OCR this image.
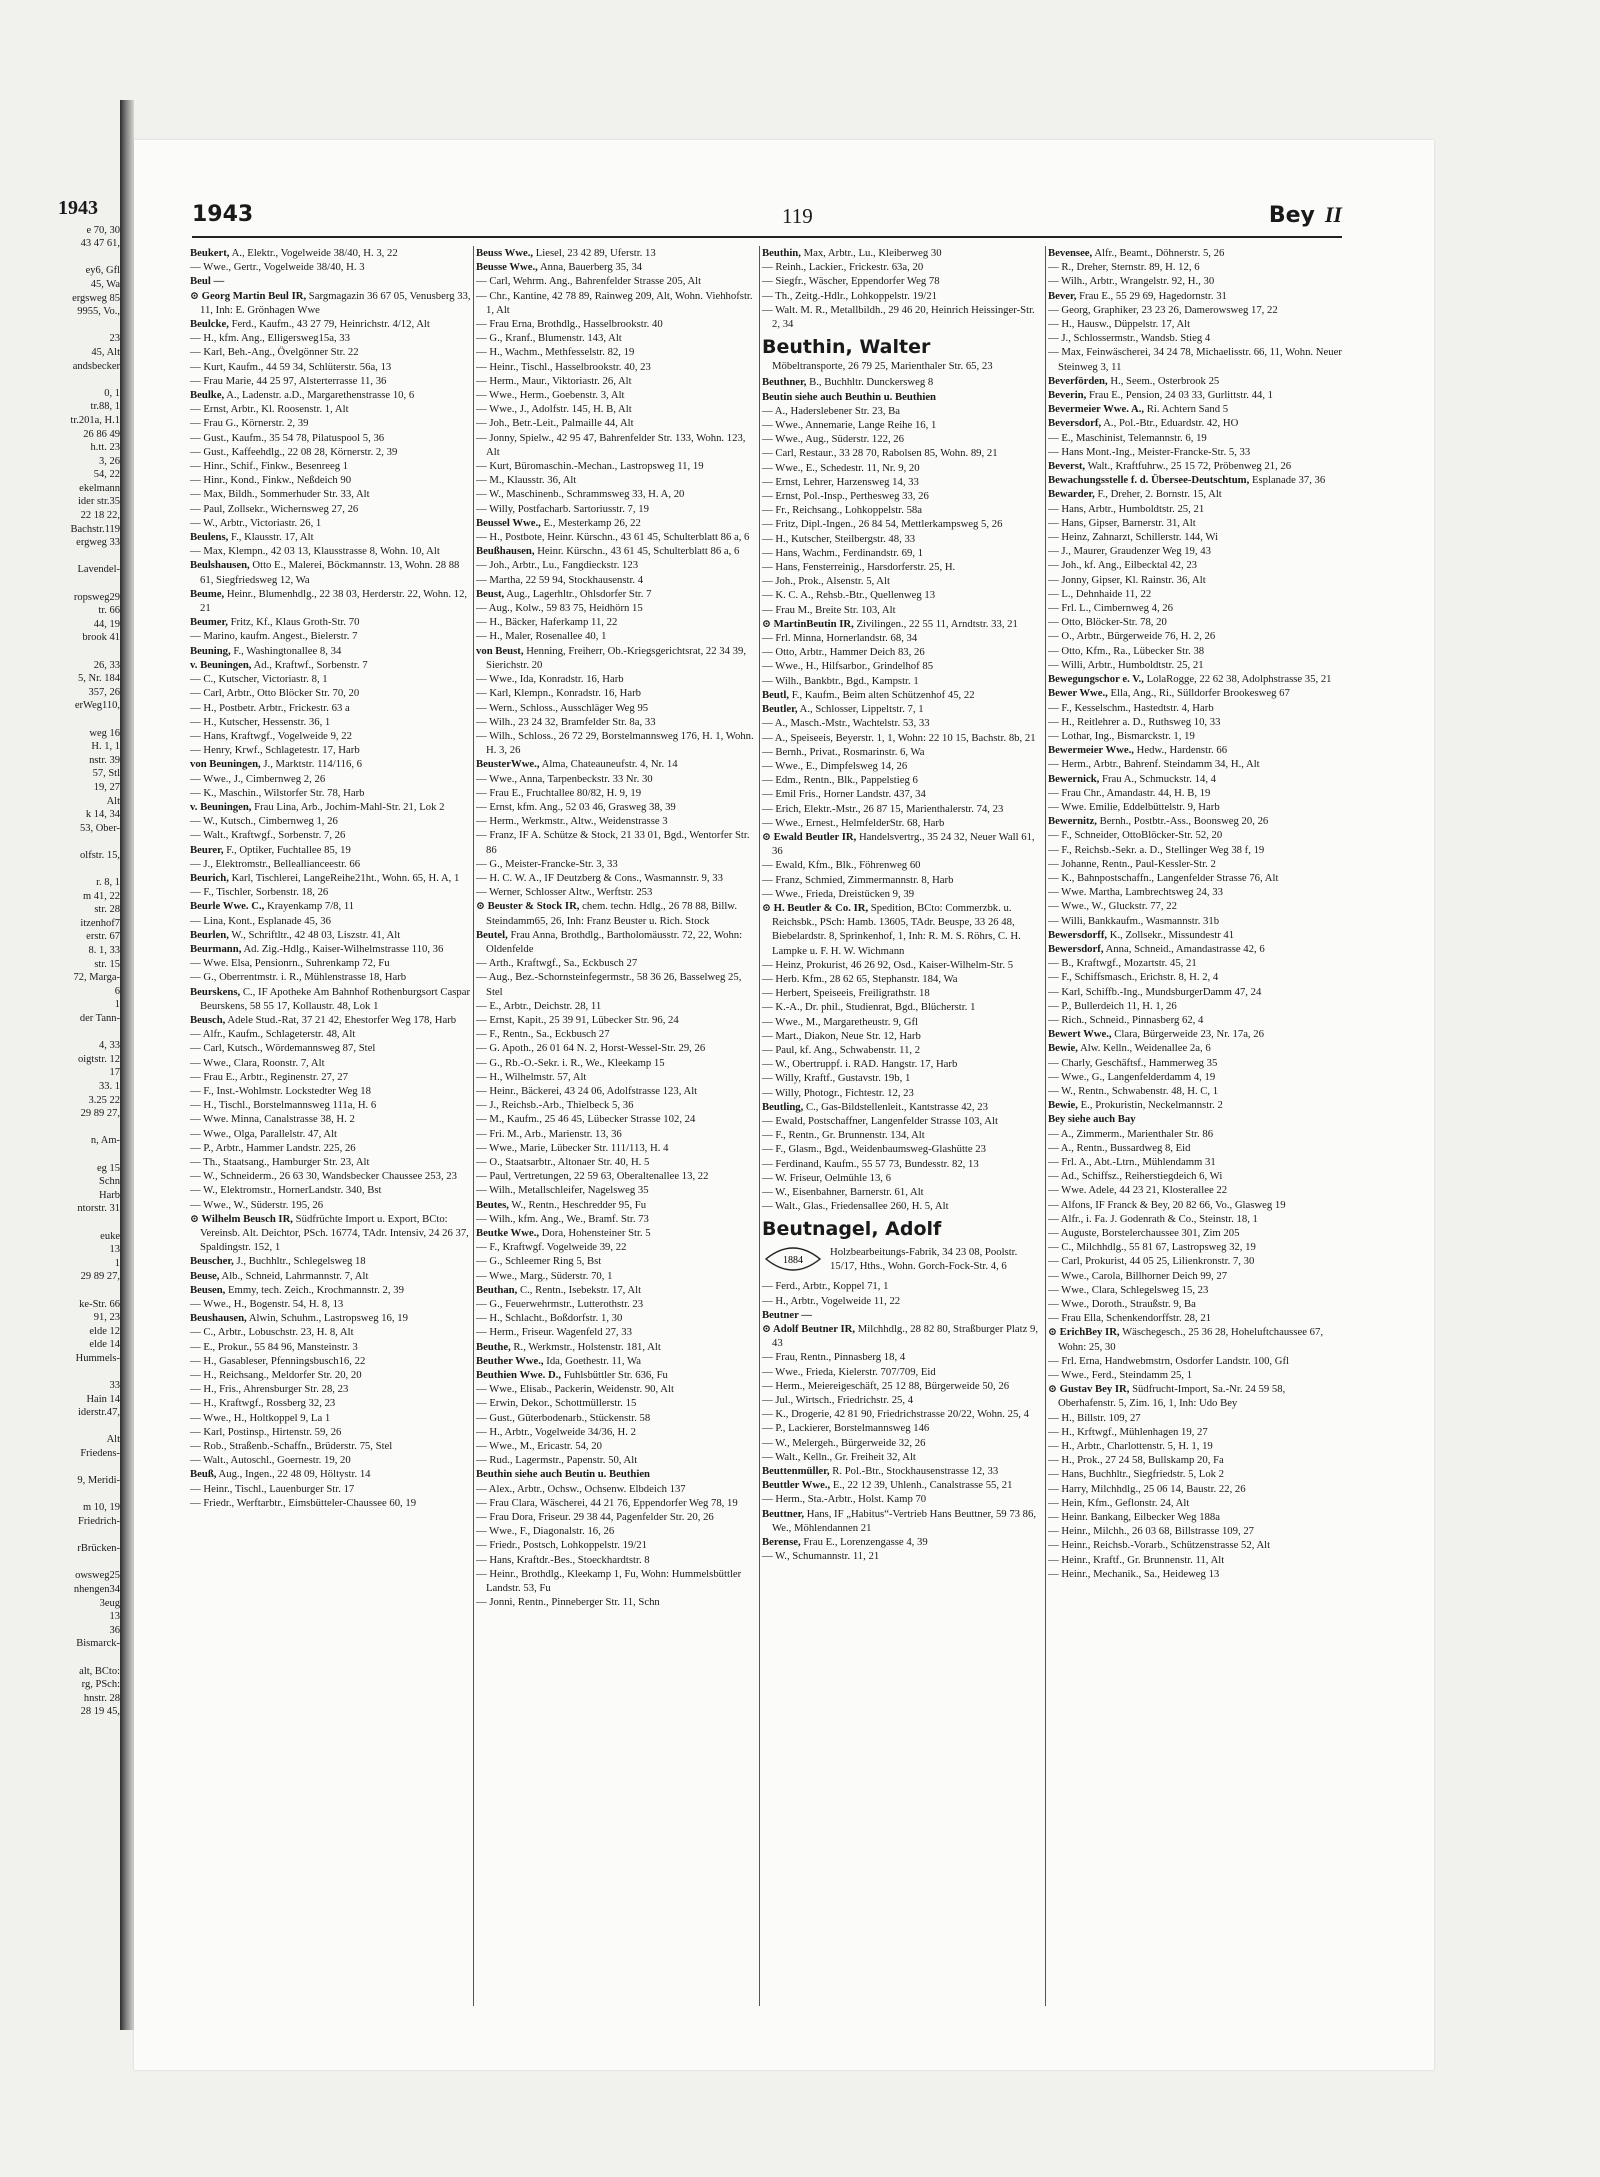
1943
e 70, 30
43 47 61,

ey6, Gfl
45, Wa
ergsweg 85
9955, Vo.,

23
45, Alt
andsbecker

0, 1
tr.88, 1
tr.201a, H.1
26 86 49
h.tt. 23
3, 26
54, 22
ekelmann
ider str.35
22 18 22,
Bachstr.119
ergweg 33

Lavendel-

ropsweg29
tr. 66
44, 19
brook 41

26, 33
5, Nr. 184
357, 26
erWeg110,

weg 16
H. 1, 1
nstr. 39
57, Stl
19, 27
Alt
k 14, 34
53, Ober-

olfstr. 15,

r. 8, 1
m 41, 22
str. 28
itzenhof7
erstr. 67
8. 1, 33
str. 15
72, Marga-
6
1
der Tann-

4, 33
oigtstr. 12
17
33. 1
3.25 22
29 89 27,

n, Am-

eg 15
Schn
Harb
ntorstr. 31

euke
13
1
29 89 27,

ke-Str. 66
91, 23
elde 12
elde 14
Hummels-

33
Hain 14
iderstr.47,

Alt
Friedens-

9, Meridi-

m 10, 19
Friedrich-

rBrücken-

owsweg25
nhengen34
3eug
13
36
Bismarck-

alt, BCto:
rg, PSch:
hnstr. 28
28 19 45,
1943	119	Bey II

Beukert, A., Elektr., Vogelweide 38/40, H. 3, 22

— Wwe., Gertr., Vogelweide 38/40, H. 3

Beul —

⊙ Georg Martin Beul IR, Sargmagazin 36 67 05, Venusberg 33, 11, Inh: E. Grönhagen Wwe

Beulcke, Ferd., Kaufm., 43 27 79, Heinrichstr. 4/12, Alt

— H., kfm. Ang., Elligersweg15a, 33

— Karl, Beh.-Ang., Övelgönner Str. 22

— Kurt, Kaufm., 44 59 34, Schlüterstr. 56a, 13

— Frau Marie, 44 25 97, Alsterterrasse 11, 36

Beulke, A., Ladenstr. a.D., Margarethenstrasse 10, 6

— Ernst, Arbtr., Kl. Roosenstr. 1, Alt

— Frau G., Körnerstr. 2, 39

— Gust., Kaufm., 35 54 78, Pilatuspool 5, 36

— Gust., Kaffeehdlg., 22 08 28, Körnerstr. 2, 39

— Hinr., Schif., Finkw., Besenreeg 1

— Hinr., Kond., Finkw., Neßdeich 90

— Max, Bildh., Sommerhuder Str. 33, Alt

— Paul, Zollsekr., Wichernsweg 27, 26

— W., Arbtr., Victoriastr. 26, 1

Beulens, F., Klausstr. 17, Alt

— Max, Klempn., 42 03 13, Klausstrasse 8, Wohn. 10, Alt

Beulshausen, Otto E., Malerei, Böckmannstr. 13, Wohn. 28 88 61, Siegfriedsweg 12, Wa

Beume, Heinr., Blumenhdlg., 22 38 03, Herderstr. 22, Wohn. 12, 21

Beumer, Fritz, Kf., Klaus Groth-Str. 70

— Marino, kaufm. Angest., Bielerstr. 7

Beuning, F., Washingtonallee 8, 34

v. Beuningen, Ad., Kraftwf., Sorbenstr. 7

— C., Kutscher, Victoriastr. 8, 1

— Carl, Arbtr., Otto Blöcker Str. 70, 20

— H., Postbetr. Arbtr., Frickestr. 63 a

— H., Kutscher, Hessenstr. 36, 1

— Hans, Kraftwgf., Vogelweide 9, 22

— Henry, Krwf., Schlagetestr. 17, Harb

von Beuningen, J., Marktstr. 114/116, 6

— Wwe., J., Cimbernweg 2, 26

— K., Maschin., Wilstorfer Str. 78, Harb

v. Beuningen, Frau Lina, Arb., Jochim-Mahl-Str. 21, Lok 2

— W., Kutsch., Cimbernweg 1, 26

— Walt., Kraftwgf., Sorbenstr. 7, 26

Beurer, F., Optiker, Fuchtallee 85, 19

— J., Elektromstr., Belleallianceestr. 66

Beurich, Karl, Tischlerei, LangeReihe21ht., Wohn. 65, H. A, 1

— F., Tischler, Sorbenstr. 18, 26

Beurle Wwe. C., Krayenkamp 7/8, 11

— Lina, Kont., Esplanade 45, 36

Beurlen, W., Schriftltr., 42 48 03, Liszstr. 41, Alt

Beurmann, Ad. Zig.-Hdlg., Kaiser-Wilhelmstrasse 110, 36

— Wwe. Elsa, Pensionrn., Suhrenkamp 72, Fu

— G., Oberrentmstr. i. R., Mühlenstrasse 18, Harb

Beurskens, C., IF Apotheke Am Bahnhof Rothenburgsort Caspar Beurskens, 58 55 17, Kollaustr. 48, Lok 1

Beusch, Adele Stud.-Rat, 37 21 42, Ehestorfer Weg 178, Harb

— Alfr., Kaufm., Schlageterstr. 48, Alt

— Carl, Kutsch., Wördemannsweg 87, Stel

— Wwe., Clara, Roonstr. 7, Alt

— Frau E., Arbtr., Reginenstr. 27, 27

— F., Inst.-Wohlmstr. Lockstedter Weg 18

— H., Tischl., Borstelmannsweg 111a, H. 6

— Wwe. Minna, Canalstrasse 38, H. 2

— Wwe., Olga, Parallelstr. 47, Alt

— P., Arbtr., Hammer Landstr. 225, 26

— Th., Staatsang., Hamburger Str. 23, Alt

— W., Schneiderm., 26 63 30, Wandsbecker Chaussee 253, 23

— W., Elektromstr., HornerLandstr. 340, Bst

— Wwe., W., Süderstr. 195, 26

⊙ Wilhelm Beusch IR, Südfrüchte Import u. Export, BCto: Vereinsb. Alt. Deichtor, PSch. 16774, TAdr. Intensiv, 24 26 37, Spaldingstr. 152, 1

Beuscher, J., Buchhltr., Schlegelsweg 18

Beuse, Alb., Schneid, Lahrmannstr. 7, Alt

Beusen, Emmy, tech. Zeich., Krochmannstr. 2, 39

— Wwe., H., Bogenstr. 54, H. 8, 13

Beushausen, Alwin, Schuhm., Lastropsweg 16, 19

— C., Arbtr., Lobuschstr. 23, H. 8, Alt

— E., Prokur., 55 84 96, Mansteinstr. 3

— H., Gasableser, Pfenningsbusch16, 22

— H., Reichsang., Meldorfer Str. 20, 20

— H., Fris., Ahrensburger Str. 28, 23

— H., Kraftwgf., Rossberg 32, 23

— Wwe., H., Holtkoppel 9, La 1

— Karl, Postinsp., Hirtenstr. 59, 26

— Rob., Straßenb.-Schaffn., Brüderstr. 75, Stel

— Walt., Autoschl., Goernestr. 19, 20

Beuß, Aug., Ingen., 22 48 09, Höltystr. 14

— Heinr., Tischl., Lauenburger Str. 17

— Friedr., Werftarbtr., Eimsbütteler-Chaussee 60, 19

Beuss Wwe., Liesel, 23 42 89, Uferstr. 13

Beusse Wwe., Anna, Bauerberg 35, 34

— Carl, Wehrm. Ang., Bahrenfelder Strasse 205, Alt

— Chr., Kantine, 42 78 89, Rainweg 209, Alt, Wohn. Viehhofstr. 1, Alt

— Frau Erna, Brothdlg., Hasselbrookstr. 40

— G., Kranf., Blumenstr. 143, Alt

— H., Wachm., Methfesselstr. 82, 19

— Heinr., Tischl., Hasselbrookstr. 40, 23

— Herm., Maur., Viktoriastr. 26, Alt

— Wwe., Herm., Goebenstr. 3, Alt

— Wwe., J., Adolfstr. 145, H. B, Alt

— Joh., Betr.-Leit., Palmaille 44, Alt

— Jonny, Spielw., 42 95 47, Bahrenfelder Str. 133, Wohn. 123, Alt

— Kurt, Büromaschin.-Mechan., Lastropsweg 11, 19

— M., Klausstr. 36, Alt

— W., Maschinenb., Schrammsweg 33, H. A, 20

— Willy, Postfacharb. Sartoriusstr. 7, 19

Beussel Wwe., E., Mesterkamp 26, 22

— H., Postbote, Heinr. Kürschn., 43 61 45, Schulterblatt 86 a, 6

Beußhausen, Heinr. Kürschn., 43 61 45, Schulterblatt 86 a, 6

— Joh., Arbtr., Lu., Fangdieckstr. 123

— Martha, 22 59 94, Stockhausenstr. 4

Beust, Aug., Lagerhltr., Ohlsdorfer Str. 7

— Aug., Kolw., 59 83 75, Heidhörn 15

— H., Bäcker, Haferkamp 11, 22

— H., Maler, Rosenallee 40, 1

von Beust, Henning, Freiherr, Ob.-Kriegsgerichtsrat, 22 34 39, Sierichstr. 20

— Wwe., Ida, Konradstr. 16, Harb

— Karl, Klempn., Konradstr. 16, Harb

— Wern., Schloss., Ausschläger Weg 95

— Wilh., 23 24 32, Bramfelder Str. 8a, 33

— Wilh., Schloss., 26 72 29, Borstelmannsweg 176, H. 1, Wohn. H. 3, 26

BeusterWwe., Alma, Chateauneufstr. 4, Nr. 14

— Wwe., Anna, Tarpenbeckstr. 33 Nr. 30

— Frau E., Fruchtallee 80/82, H. 9, 19

— Ernst, kfm. Ang., 52 03 46, Grasweg 38, 39

— Herm., Werkmstr., Altw., Weidenstrasse 3

— Franz, IF A. Schütze & Stock, 21 33 01, Bgd., Wentorfer Str. 86

— G., Meister-Francke-Str. 3, 33

— H. C. W. A., IF Deutzberg & Cons., Wasmannstr. 9, 33

— Werner, Schlosser Altw., Werftstr. 253

⊙ Beuster & Stock IR, chem. techn. Hdlg., 26 78 88, Billw. Steindamm65, 26, Inh: Franz Beuster u. Rich. Stock

Beutel, Frau Anna, Brothdlg., Bartholomäusstr. 72, 22, Wohn: Oldenfelde

— Arth., Kraftwgf., Sa., Eckbusch 27

— Aug., Bez.-Schornsteinfegermstr., 58 36 26, Basselweg 25, Stel

— E., Arbtr., Deichstr. 28, 11

— Ernst, Kapit., 25 39 91, Lübecker Str. 96, 24

— F., Rentn., Sa., Eckbusch 27

— G. Apoth., 26 01 64 N. 2, Horst-Wessel-Str. 29, 26

— G., Rb.-O.-Sekr. i. R., We., Kleekamp 15

— H., Wilhelmstr. 57, Alt

— Heinr., Bäckerei, 43 24 06, Adolfstrasse 123, Alt

— J., Reichsb.-Arb., Thielbeck 5, 36

— M., Kaufm., 25 46 45, Lübecker Strasse 102, 24

— Fri. M., Arb., Marienstr. 13, 36

— Wwe., Marie, Lübecker Str. 111/113, H. 4

— O., Staatsarbtr., Altonaer Str. 40, H. 5

— Paul, Vertretungen, 22 59 63, Oberaltenallee 13, 22

— Wilh., Metallschleifer, Nagelsweg 35

Beutes, W., Rentn., Heschredder 95, Fu

— Wilh., kfm. Ang., We., Bramf. Str. 73

Beutke Wwe., Dora, Hohensteiner Str. 5

— F., Kraftwgf. Vogelweide 39, 22

— G., Schleemer Ring 5, Bst

— Wwe., Marg., Süderstr. 70, 1

Beuthan, C., Rentn., Isebekstr. 17, Alt

— G., Feuerwehrmstr., Lutterothstr. 23

— H., Schlacht., Boßdorfstr. 1, 30

— Herm., Friseur. Wagenfeld 27, 33

Beuthe, R., Werkmstr., Holstenstr. 181, Alt

Beuther Wwe., Ida, Goethestr. 11, Wa

Beuthien Wwe. D., Fuhlsbüttler Str. 636, Fu

— Wwe., Elisab., Packerin, Weidenstr. 90, Alt

— Erwin, Dekor., Schottmüllerstr. 15

— Gust., Güterbodenarb., Stückenstr. 58

— H., Arbtr., Vogelweide 34/36, H. 2

— Wwe., M., Ericastr. 54, 20

— Rud., Lagermstr., Papenstr. 50, Alt

Beuthin siehe auch Beutin u. Beuthien

— Alex., Arbtr., Ochsw., Ochsenw. Elbdeich 137

— Frau Clara, Wäscherei, 44 21 76, Eppendorfer Weg 78, 19

— Frau Dora, Friseur. 29 38 44, Pagenfelder Str. 20, 26

— Wwe., F., Diagonalstr. 16, 26

— Friedr., Postsch, Lohkoppelstr. 19/21

— Hans, Kraftdr.-Bes., Stoeckhardtstr. 8

— Heinr., Brothdlg., Kleekamp 1, Fu, Wohn: Hummelsbüttler Landstr. 53, Fu

— Jonni, Rentn., Pinneberger Str. 11, Schn

Beuthin, Max, Arbtr., Lu., Kleiberweg 30

— Reinh., Lackier., Frickestr. 63a, 20

— Siegfr., Wäscher, Eppendorfer Weg 78

— Th., Zeitg.-Hdlr., Lohkoppelstr. 19/21

— Walt. M. R., Metallbildh., 29 46 20, Heinrich Heissinger-Str. 2, 34

Beuthin, Walter
Möbeltransporte, 26 79 25, Marienthaler Str. 65, 23

Beuthner, B., Buchhltr. Dunckersweg 8

Beutin siehe auch Beuthin u. Beuthien

— A., Haderslebener Str. 23, Ba

— Wwe., Annemarie, Lange Reihe 16, 1

— Wwe., Aug., Süderstr. 122, 26

— Carl, Restaur., 33 28 70, Rabolsen 85, Wohn. 89, 21

— Wwe., E., Schedestr. 11, Nr. 9, 20

— Ernst, Lehrer, Harzensweg 14, 33

— Ernst, Pol.-Insp., Perthesweg 33, 26

— Fr., Reichsang., Lohkoppelstr. 58a

— Fritz, Dipl.-Ingen., 26 84 54, Mettlerkampsweg 5, 26

— H., Kutscher, Steilbergstr. 48, 33

— Hans, Wachm., Ferdinandstr. 69, 1

— Hans, Fensterreinig., Harsdorferstr. 25, H.

— Joh., Prok., Alsenstr. 5, Alt

— K. C. A., Rehsb.-Btr., Quellenweg 13

— Frau M., Breite Str. 103, Alt

⊙ MartinBeutin IR, Zivilingen., 22 55 11, Arndtstr. 33, 21

— Frl. Minna, Hornerlandstr. 68, 34

— Otto, Arbtr., Hammer Deich 83, 26

— Wwe., H., Hilfsarbor., Grindelhof 85

— Wilh., Bankbtr., Bgd., Kampstr. 1

Beutl, F., Kaufm., Beim alten Schützenhof 45, 22

Beutler, A., Schlosser, Lippeltstr. 7, 1

— A., Masch.-Mstr., Wachtelstr. 53, 33

— A., Speiseeis, Beyerstr. 1, 1, Wohn: 22 10 15, Bachstr. 8b, 21

— Bernh., Privat., Rosmarinstr. 6, Wa

— Wwe., E., Dimpfelsweg 14, 26

— Edm., Rentn., Blk., Pappelstieg 6

— Emil Fris., Horner Landstr. 437, 34

— Erich, Elektr.-Mstr., 26 87 15, Marienthalerstr. 74, 23

— Wwe., Ernest., HelmfelderStr. 68, Harb

⊙ Ewald Beutler IR, Handelsvertrg., 35 24 32, Neuer Wall 61, 36

— Ewald, Kfm., Blk., Föhrenweg 60

— Franz, Schmied, Zimmermannstr. 8, Harb

— Wwe., Frieda, Dreistücken 9, 39

⊙ H. Beutler & Co. IR, Spedition, BCto: Commerzbk. u. Reichsbk., PSch: Hamb. 13605, TAdr. Beuspe, 33 26 48, Biebelardstr. 8, Sprinkenhof, 1, Inh: R. M. S. Röhrs, C. H. Lampke u. F. H. W. Wichmann

— Heinz, Prokurist, 46 26 92, Osd., Kaiser-Wilhelm-Str. 5

— Herb. Kfm., 28 62 65, Stephanstr. 184, Wa

— Herbert, Speiseeis, Freiligrathstr. 18

— K.-A., Dr. phil., Studienrat, Bgd., Blücherstr. 1

— Wwe., M., Margaretheustr. 9, Gfl

— Mart., Diakon, Neue Str. 12, Harb

— Paul, kf. Ang., Schwabenstr. 11, 2

— W., Obertruppf. i. RAD. Hangstr. 17, Harb

— Willy, Kraftf., Gustavstr. 19b, 1

— Willy, Photogr., Fichtestr. 12, 23

Beutling, C., Gas-Bildstellenleit., Kantstrasse 42, 23

— Ewald, Postschaffner, Langenfelder Strasse 103, Alt

— F., Rentn., Gr. Brunnenstr. 134, Alt

— F., Glasm., Bgd., Weidenbaumsweg-Glashütte 23

— Ferdinand, Kaufm., 55 57 73, Bundesstr. 82, 13

— W. Friseur, Oelmühle 13, 6

— W., Eisenbahner, Barnerstr. 61, Alt

— Walt., Glas., Friedensallee 260, H. 5, Alt

Beutnagel, Adolf
1884
Holzbearbeitungs-Fabrik, 34 23 08, Poolstr. 15/17, Hths., Wohn. Gorch-Fock-Str. 4, 6

— Ferd., Arbtr., Koppel 71, 1

— H., Arbtr., Vogelweide 11, 22

Beutner —

⊙ Adolf Beutner IR, Milchhdlg., 28 82 80, Straßburger Platz 9, 43

— Frau, Rentn., Pinnasberg 18, 4

— Wwe., Frieda, Kielerstr. 707/709, Eid

— Herm., Meiereigeschäft, 25 12 88, Bürgerweide 50, 26

— Jul., Wirtsch., Friedrichstr. 25, 4

— K., Drogerie, 42 81 90, Friedrichstrasse 20/22, Wohn. 25, 4

— P., Lackierer, Borstelmannsweg 146

— W., Melergeh., Bürgerweide 32, 26

— Walt., Kelln., Gr. Freiheit 32, Alt

Beuttenmüller, R. Pol.-Btr., Stockhausenstrasse 12, 33

Beuttler Wwe., E., 22 12 39, Uhlenh., Canalstrasse 55, 21

— Herm., Sta.-Arbtr., Holst. Kamp 70

Beuttner, Hans, IF „Habitus“-Vertrieb Hans Beuttner, 59 73 86, We., Möhlendannen 21

Berense, Frau E., Lorenzengasse 4, 39

— W., Schumannstr. 11, 21

Bevensee, Alfr., Beamt., Döhnerstr. 5, 26

— R., Dreher, Sternstr. 89, H. 12, 6

— Wilh., Arbtr., Wrangelstr. 92, H., 30

Bever, Frau E., 55 29 69, Hagedornstr. 31

— Georg, Graphiker, 23 23 26, Damerowsweg 17, 22

— H., Hausw., Düppelstr. 17, Alt

— J., Schlossermstr., Wandsb. Stieg 4

— Max, Feinwäscherei, 34 24 78, Michaelisstr. 66, 11, Wohn. Neuer Steinweg 3, 11

Beverförden, H., Seem., Osterbrook 25

Beverin, Frau E., Pension, 24 03 33, Gurlittstr. 44, 1

Bevermeier Wwe. A., Ri. Achtern Sand 5

Beversdorf, A., Pol.-Btr., Eduardstr. 42, HO

— E., Maschinist, Telemannstr. 6, 19

— Hans Mont.-Ing., Meister-Francke-Str. 5, 33

Beverst, Walt., Kraftfuhrw., 25 15 72, Pröbenweg 21, 26

Bewachungsstelle f. d. Übersee-Deutschtum, Esplanade 37, 36

Bewarder, F., Dreher, 2. Bornstr. 15, Alt

— Hans, Arbtr., Humboldtstr. 25, 21

— Hans, Gipser, Barnerstr. 31, Alt

— Heinz, Zahnarzt, Schillerstr. 144, Wi

— J., Maurer, Graudenzer Weg 19, 43

— Joh., kf. Ang., Eilbecktal 42, 23

— Jonny, Gipser, Kl. Rainstr. 36, Alt

— L., Dehnhaide 11, 22

— Frl. L., Cimbernweg 4, 26

— Otto, Blöcker-Str. 78, 20

— O., Arbtr., Bürgerweide 76, H. 2, 26

— Otto, Kfm., Ra., Lübecker Str. 38

— Willi, Arbtr., Humboldtstr. 25, 21

Bewegungschor e. V., LolaRogge, 22 62 38, Adolphstrasse 35, 21

Bewer Wwe., Ella, Ang., Ri., Sülldorfer Brookesweg 67

— F., Kesselschm., Hastedtstr. 4, Harb

— H., Reitlehrer a. D., Ruthsweg 10, 33

— Lothar, Ing., Bismarckstr. 1, 19

Bewermeier Wwe., Hedw., Hardenstr. 66

— Herm., Arbtr., Bahrenf. Steindamm 34, H., Alt

Bewernick, Frau A., Schmuckstr. 14, 4

— Frau Chr., Amandastr. 44, H. B, 19

— Wwe. Emilie, Eddelbüttelstr. 9, Harb

Bewernitz, Bernh., Postbtr.-Ass., Boonsweg 20, 26

— F., Schneider, OttoBlöcker-Str. 52, 20

— F., Reichsb.-Sekr. a. D., Stellinger Weg 38 f, 19

— Johanne, Rentn., Paul-Kessler-Str. 2

— K., Bahnpostschaffn., Langenfelder Strasse 76, Alt

— Wwe. Martha, Lambrechtsweg 24, 33

— Wwe., W., Gluckstr. 77, 22

— Willi, Bankkaufm., Wasmannstr. 31b

Bewersdorff, K., Zollsekr., Missundestr 41

Bewersdorf, Anna, Schneid., Amandastrasse 42, 6

— B., Kraftwgf., Mozartstr. 45, 21

— F., Schiffsmasch., Erichstr. 8, H. 2, 4

— Karl, Schiffb.-Ing., MundsburgerDamm 47, 24

— P., Bullerdeich 11, H. 1, 26

— Rich., Schneid., Pinnasberg 62, 4

Bewert Wwe., Clara, Bürgerweide 23, Nr. 17a, 26

Bewie, Alw. Kelln., Weidenallee 2a, 6

— Charly, Geschäftsf., Hammerweg 35

— Wwe., G., Langenfelderdamm 4, 19

— W., Rentn., Schwabenstr. 48, H. C, 1

Bewie, E., Prokuristin, Neckelmannstr. 2

Bey siehe auch Bay

— A., Zimmerm., Marienthaler Str. 86

— A., Rentn., Bussardweg 8, Eid

— Frl. A., Abt.-Ltrn., Mühlendamm 31

— Ad., Schiffsz., Reiherstiegdeich 6, Wi

— Wwe. Adele, 44 23 21, Klosterallee 22

— Alfons, IF Franck & Bey, 20 82 66, Vo., Glasweg 19

— Alfr., i. Fa. J. Godenrath & Co., Steinstr. 18, 1

— Auguste, Borstelerchaussee 301, Zim 205

— C., Milchhdlg., 55 81 67, Lastropsweg 32, 19

— Carl, Prokurist, 44 05 25, Lilienkronstr. 7, 30

— Wwe., Carola, Billhorner Deich 99, 27

— Wwe., Clara, Schlegelsweg 15, 23

— Wwe., Doroth., Straußstr. 9, Ba

— Frau Ella, Schenkendorffstr. 28, 21

⊙ ErichBey IR, Wäschegesch., 25 36 28, Hoheluftchaussee 67, Wohn: 25, 30

— Frl. Erna, Handwebmstrn, Osdorfer Landstr. 100, Gfl

— Wwe., Ferd., Steindamm 25, 1

⊙ Gustav Bey IR, Südfrucht-Import, Sa.-Nr. 24 59 58, Oberhafenstr. 5, Zim. 16, 1, Inh: Udo Bey

— H., Billstr. 109, 27

— H., Krftwgf., Mühlenhagen 19, 27

— H., Arbtr., Charlottenstr. 5, H. 1, 19

— H., Prok., 27 24 58, Bullskamp 20, Fa

— Hans, Buchhltr., Siegfriedstr. 5, Lok 2

— Harry, Milchhdlg., 25 06 14, Baustr. 22, 26

— Hein, Kfm., Geflonstr. 24, Alt

— Heinr. Bankang, Eilbecker Weg 188a

— Heinr., Milchh., 26 03 68, Billstrasse 109, 27

— Heinr., Reichsb.-Vorarb., Schützenstrasse 52, Alt

— Heinr., Kraftf., Gr. Brunnenstr. 11, Alt

— Heinr., Mechanik., Sa., Heideweg 13
